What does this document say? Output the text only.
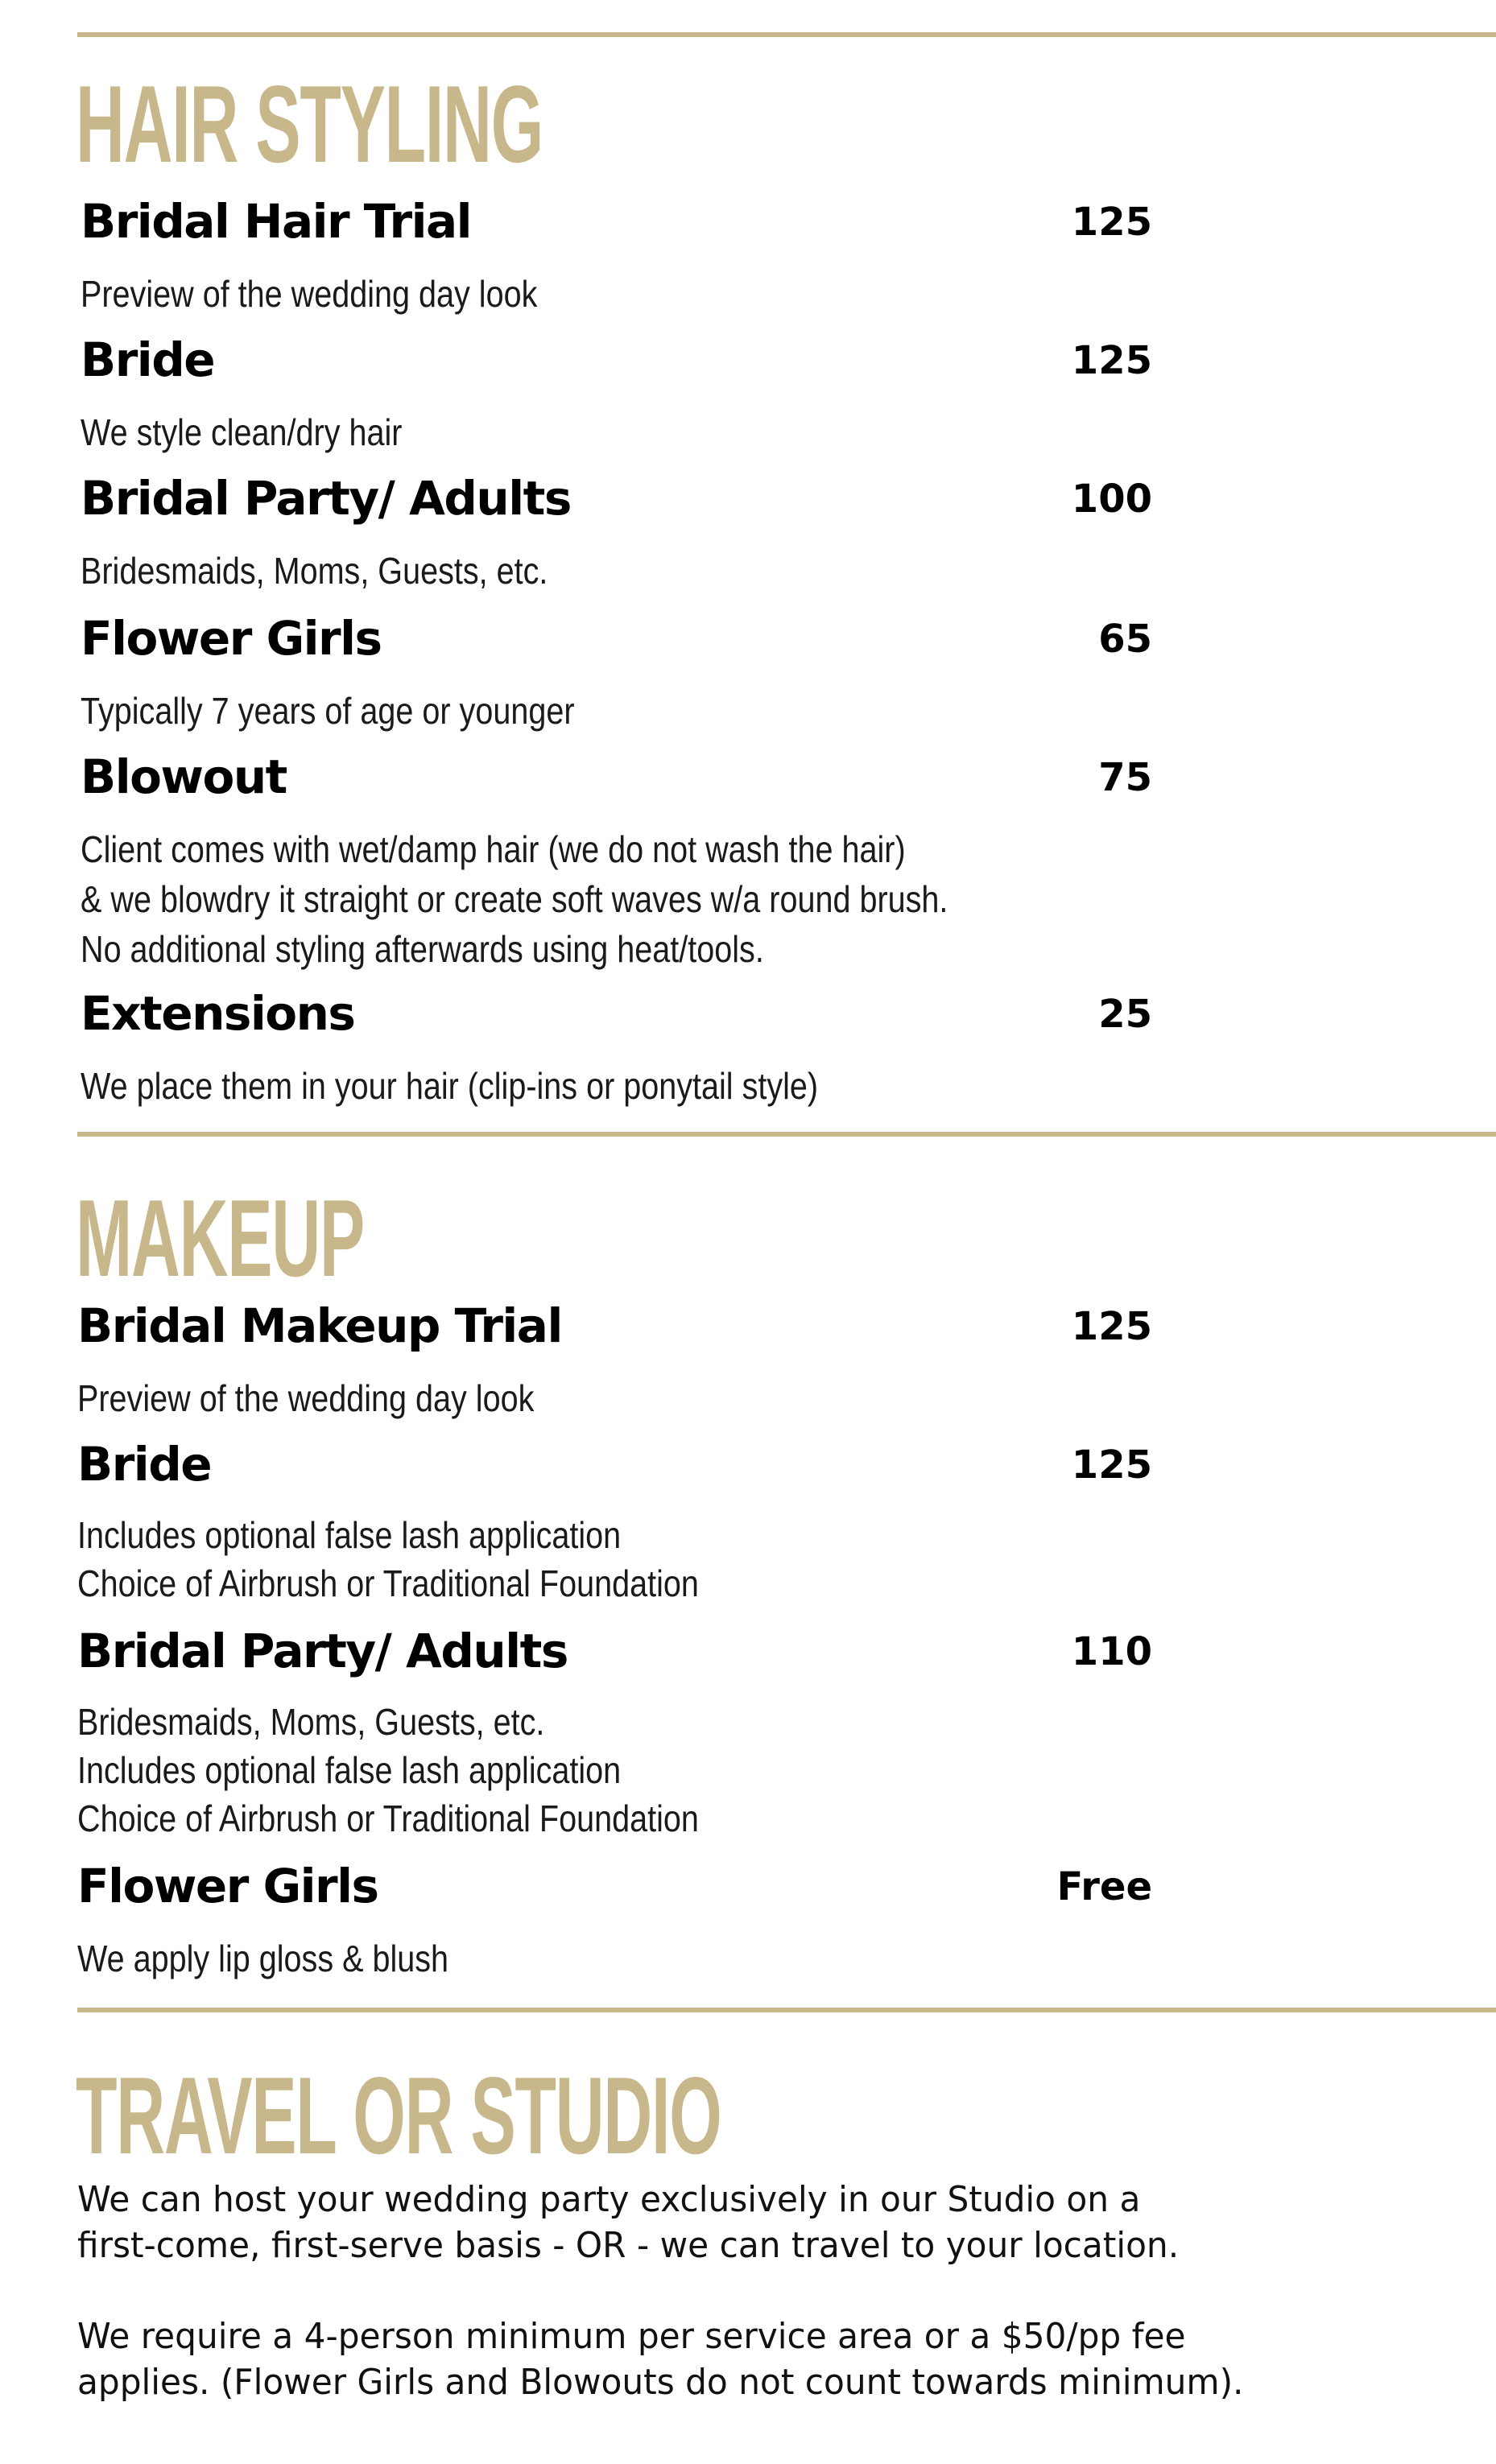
HAIR STYLING
Bridal Hair Trial	125

Preview of the wedding day look

Bride	125

We style clean/dry hair

Bridal Party/ Adults	100

Bridesmaids, Moms, Guests, etc.

Flower Girls	65

Typically 7 years of age or younger

Blowout	75

Client comes with wet/damp hair (we do not wash the hair)

& we blowdry it straight or create soft waves w/a round brush.

No additional styling afterwards using heat/tools.

Extensions	25

We place them in your hair (clip-ins or ponytail style)

MAKEUP
Bridal Makeup Trial	125

Preview of the wedding day look

Bride	125

Includes optional false lash application

Choice of Airbrush or Traditional Foundation

Bridal Party/ Adults	110

Bridesmaids, Moms, Guests, etc.

Includes optional false lash application

Choice of Airbrush or Traditional Foundation

Flower Girls	Free

We apply lip gloss & blush

TRAVEL OR STUDIO

We can host your wedding party exclusively in our Studio on a

first-come, first-serve basis - OR - we can travel to your location.

We require a 4-person minimum per service area or a $50/pp fee

applies. (Flower Girls and Blowouts do not count towards minimum).
